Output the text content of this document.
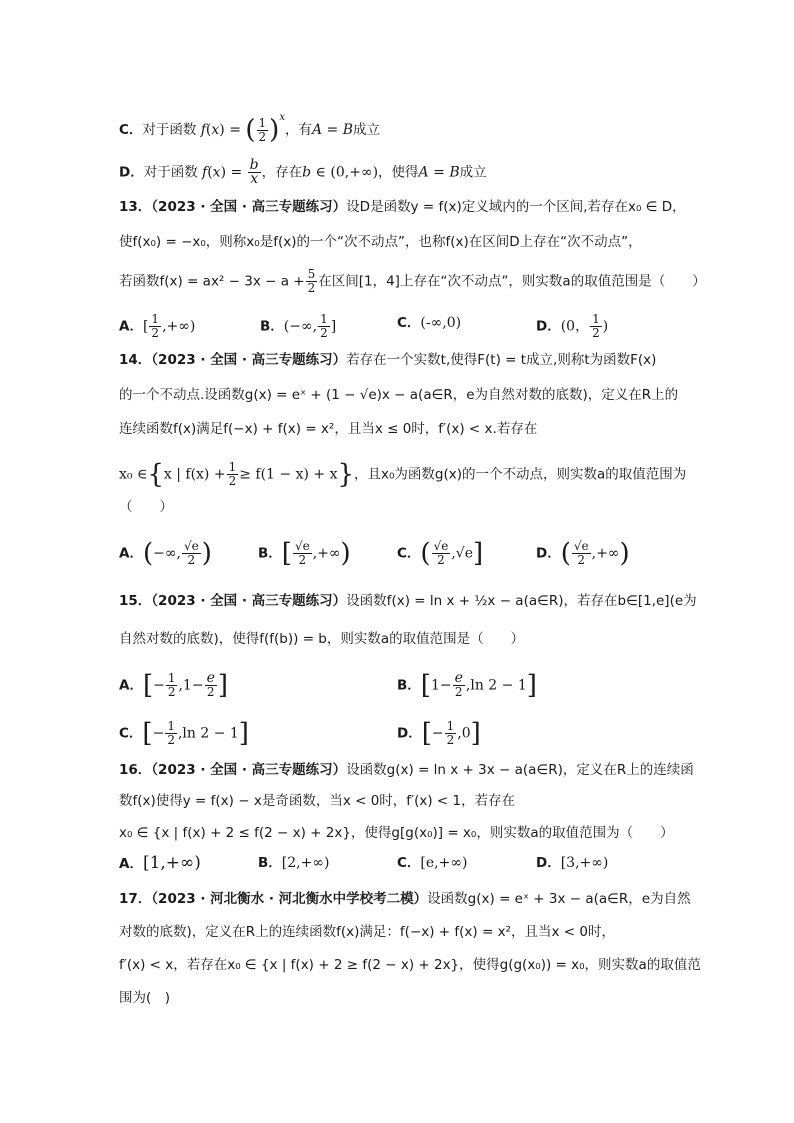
C．对于函数 f(x) = ( $\frac{1}{2} )^x$，有A = B成立
D．对于函数 $f(x) = \frac{b}{x}$ ，存在b ∈ (0,+∞)，使得A = B成立
13．（2023 · 全国 · 高三专题练习）设D是函数y = f(x)定义域内的一个区间,若存在x₀ ∈ D，
使f(x₀) = −x₀，则称x₀是f(x)的一个“次不动点”，也称f(x)在区间D上存在“次不动点”，
若函数$f(x) = ax^2 - 3x - a + \frac{5}{2}$ 在区间[1，4]上存在“次不动点”，则实数a的取值范围是（　　）
A．[ $\frac{1}{2}$ ,+∞)	B．(−∞, $\frac{1}{2}$ ]	C．(-∞,0)	D．(0， $\frac{1}{2}$ )
14．（2023 · 全国 · 高三专题练习）若存在一个实数t,使得F(t) = t成立,则称t为函数F(x)
的一个不动点.设函数g(x) = eˣ + (1 − √e)x − a(a∈R，e为自然对数的底数)，定义在R上的
连续函数f(x)满足f(−x) + f(x) = x²，且当x ≤ 0时，f′(x) < x.若存在
x₀ ∈{x | $f(x) + \frac{1}{2} \ge f(1 - x) + x$}，且x₀为函数g(x)的一个不动点，则实数a的取值范围为
（　　）
A．(−∞, $\frac{√e}{2}$ )	B．[ $\frac{√e}{2}$ ,+∞)	C．( $\frac{√e}{2} ,√e$]	D．( $\frac{√e}{2}$ ,+∞)
15．（2023 · 全国 · 高三专题练习）设函数f(x) = ln x + ½x − a(a∈R)，若存在b∈[1,e](e为
自然对数的底数)，使得f(f(b)) = b，则实数a的取值范围是（　　）
A．[− $\frac{1}{2} ,1- \frac{e}{2}$ ]	B．[$1- \frac{e}{2} ,\ln$ 2 − 1]
C．[− $\frac{1}{2} ,\ln$ 2 − 1]	D．[− $\frac{1}{2} ,0$]
16．（2023 · 全国 · 高三专题练习）设函数g(x) = ln x + 3x − a(a∈R)，定义在R上的连续函
数f(x)使得y = f(x) − x是奇函数，当x < 0时，f′(x) < 1，若存在
x₀ ∈ {x | f(x) + 2 ≤ f(2 − x) + 2x}，使得g[g(x₀)] = x₀，则实数a的取值范围为（　　）
A．[1,+∞)	B．[2,+∞)	C．[e,+∞)	D．[3,+∞)
17．（2023 · 河北衡水 · 河北衡水中学校考二模）设函数g(x) = eˣ + 3x − a(a∈R，e为自然
对数的底数)，定义在R上的连续函数f(x)满足：f(−x) + f(x) = x²，且当x < 0时，
f′(x) < x，若存在x₀ ∈ {x | f(x) + 2 ≥ f(2 − x) + 2x}，使得g(g(x₀)) = x₀，则实数a的取值范
围为(　)
